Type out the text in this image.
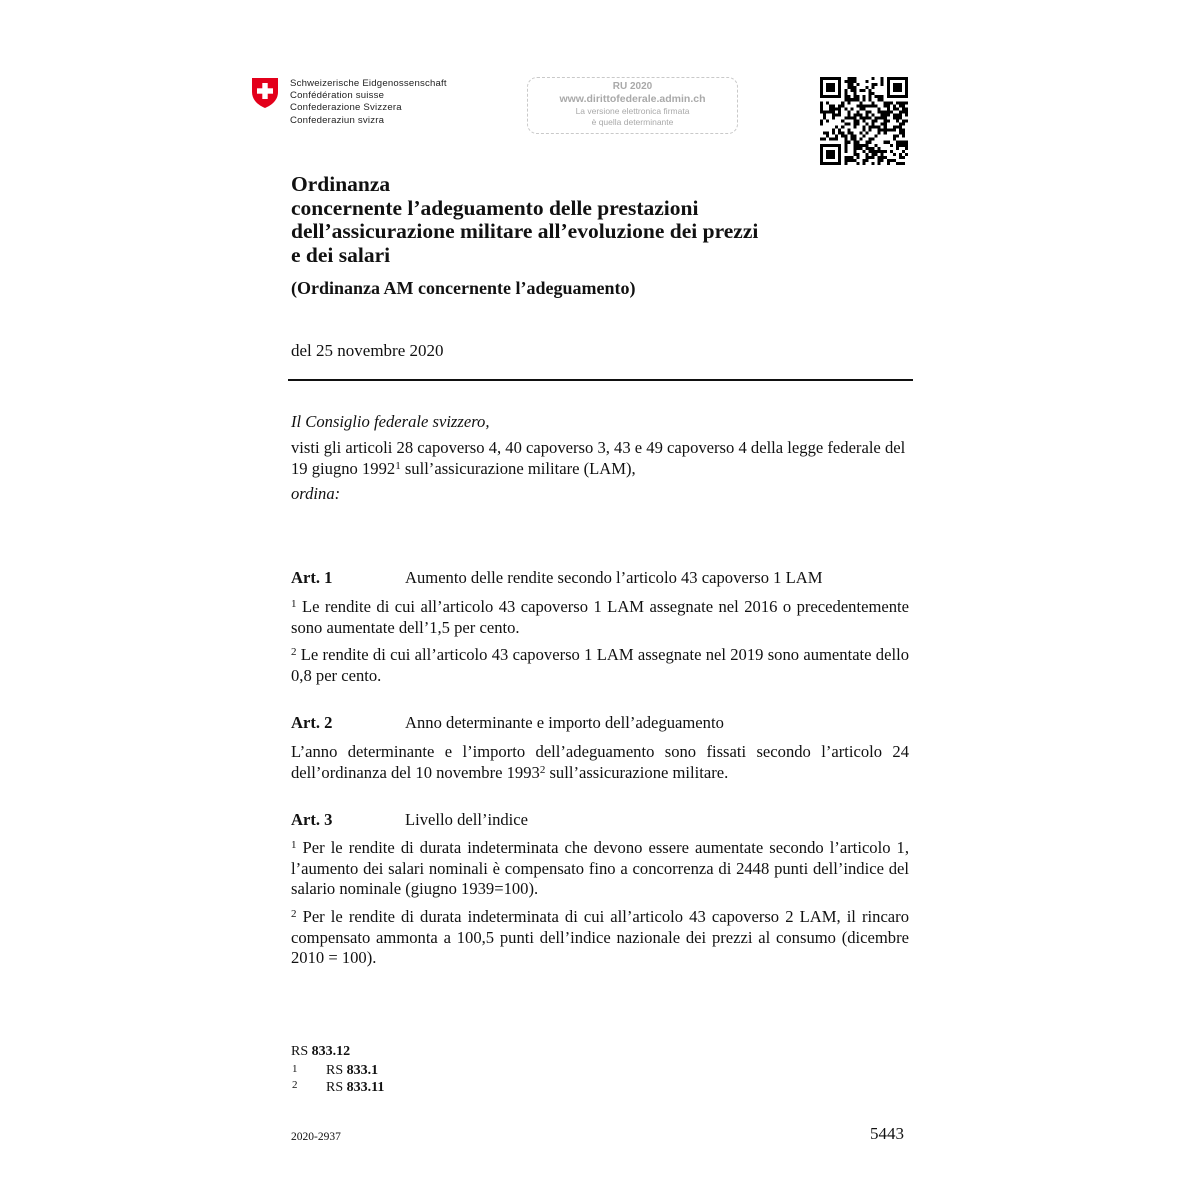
Schweizerische Eidgenossenschaft
Confédération suisse
Confederazione Svizzera
Confederaziun svizra
RU 2020
www.dirittofederale.admin.ch
La versione elettronica firmata
è quella determinante
Ordinanza
concernente l’adeguamento delle prestazioni
dell’assicurazione militare all’evoluzione dei prezzi
e dei salari
(Ordinanza AM concernente l’adeguamento)
del 25 novembre 2020
Il Consiglio federale svizzero,
visti gli articoli 28 capoverso 4, 40 capoverso 3, 43 e 49 capoverso 4 della legge federale del 19 giugno 1992$^1$ sull’assicurazione militare (LAM),
ordina:
Art. 1	Aumento delle rendite secondo l’articolo 43 capoverso 1 LAM
$^1$ Le rendite di cui all’articolo 43 capoverso 1 LAM assegnate nel 2016 o precedentemente sono aumentate dell’1,5 per cento.
$^2$ Le rendite di cui all’articolo 43 capoverso 1 LAM assegnate nel 2019 sono aumentate dello 0,8 per cento.
Art. 2	Anno determinante e importo dell’adeguamento
L’anno determinante e l’importo dell’adeguamento sono fissati secondo l’articolo 24 dell’ordinanza del 10 novembre 1993$^2$ sull’assicurazione militare.
Art. 3	Livello dell’indice
$^1$ Per le rendite di durata indeterminata che devono essere aumentate secondo l’articolo 1, l’aumento dei salari nominali è compensato fino a concorrenza di 2448 punti dell’indice del salario nominale (giugno 1939=100).
$^2$ Per le rendite di durata indeterminata di cui all’articolo 43 capoverso 2 LAM, il rincaro compensato ammonta a 100,5 punti dell’indice nazionale dei prezzi al consumo (dicembre 2010 = 100).
RS 833.12
1 RS 833.1
2 RS 833.11
2020-2937	5443
